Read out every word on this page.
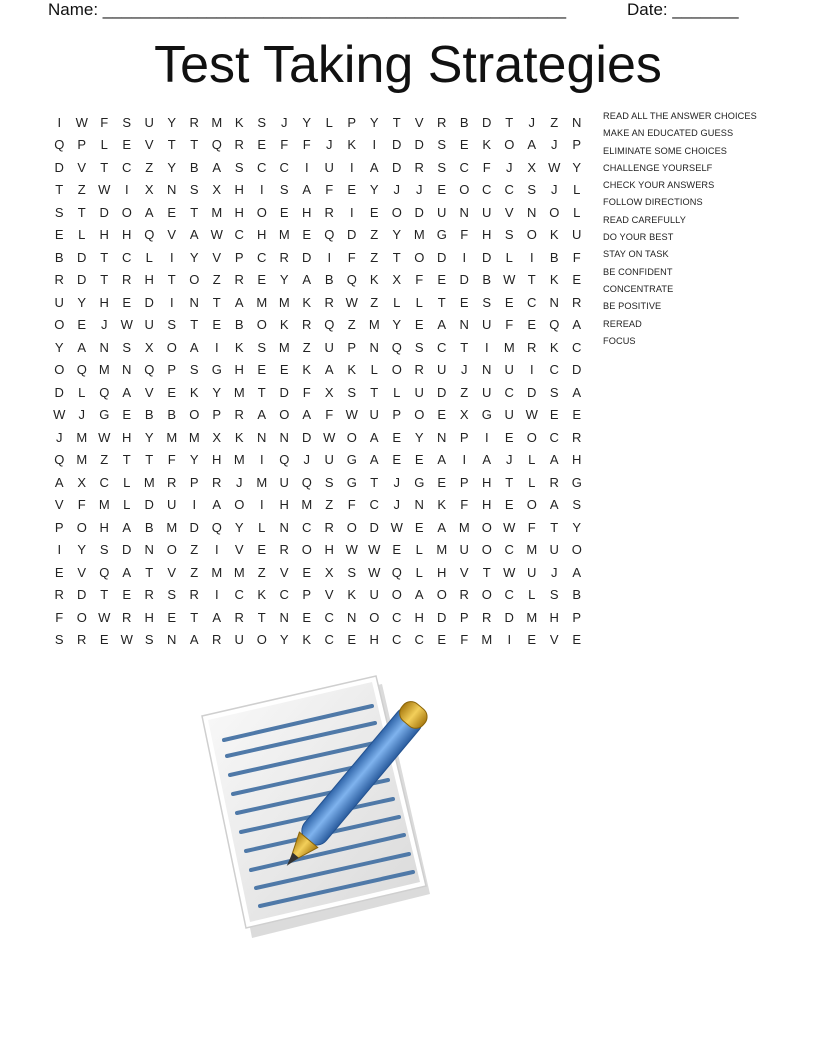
Name: _________________________________________________	Date: _______
Test Taking Strategies
I	W F	S	U	Y	R M K	S	J	Y	L	P	Y	T	V	R	B	D	T	J	Z	N
Q	P	L	E	V	T	T	Q R	E	F	F	J	K	I	D	D	S	E	K	O	A	J	P
D	V	T	C	Z	Y	B	A	S	C	C	I	U	I	A	D	R	S	C	F	J	X W Y
T	Z W	I	X	N	S	X	H	I	S	A	F	E	Y	J	J	E	O C	C	S	J	L
S	T	D O	A	E	T	M H O	E	H	R	I	E	O D	U	N	U	V	N O	L
E	L	H	H Q	V	A W C	H M E	Q D	Z	Y M G	F	H	S	O	K	U
B	D	T	C	L	I	Y	V	P	C	R	D	I	F	Z	T	O D	I	D	L	I	B	F
R	D	T	R	H	T	O	Z	R	E	Y	A	B	Q	K	X	F	E	D	B W T	K	E
U	Y	H	E	D	I	N	T	A M M K	R W Z	L	L	T	E	S	E	C	N	R
O	E	J	W U	S	T	E	B	O	K	R Q	Z	M Y	E	A	N	U	F	E	Q	A
Y	A	N	S	X	O	A	I	K	S M	Z	U	P	N Q	S	C	T	I	M R	K	C
O Q M N Q	P	S	G H	E	E	K	A	K	L	O R	U	J	N	U	I	C	D
D	L	Q	A	V	E	K	Y M	T	D	F	X	S	T	L	U	D	Z	U	C	D	S	A
W	J	G	E	B	B	O	P	R	A	O	A	F W U	P	O	E	X	G U W E	E
J	M W H	Y M M X	K	N	N	D W O	A	E	Y	N	P	I	E	O C	R
Q M	Z	T	T	F	Y	H M	I	Q	J	U G	A	E	E	A	I	A	J	L	A	H
A	X	C	L	M R	P	R	J	M U Q	S	G	T	J	G	E	P	H	T	L	R G
V	F	M	L	D	U	I	A	O	I	H M	Z	F	C	J	N	K	F	H	E	O	A	S
P	O H	A	B M D Q	Y	L	N	C	R O D W E	A M O W F	T	Y
I	Y	S	D	N O	Z	I	V	E	R O H W W E	L	M U O C M U O
E	V	Q	A	T	V	Z	M M	Z	V	E	X	S W Q	L	H	V	T W U	J	A
R	D	T	E	R	S	R	I	C	K	C	P	V	K	U O	A	O R O C	L	S	B
F	O W R	H	E	T	A	R	T	N	E	C	N O C	H	D	P	R	D M H	P
S	R	E W S	N	A	R	U O	Y	K	C	E	H	C	C	E	F	M	I	E	V	E
READ ALL THE ANSWER CHOICES
MAKE AN EDUCATED GUESS
ELIMINATE SOME CHOICES
CHALLENGE YOURSELF
CHECK YOUR ANSWERS
FOLLOW DIRECTIONS
READ CAREFULLY
DO YOUR BEST
STAY ON TASK
BE CONFIDENT
CONCENTRATE
BE POSITIVE
REREAD
FOCUS
